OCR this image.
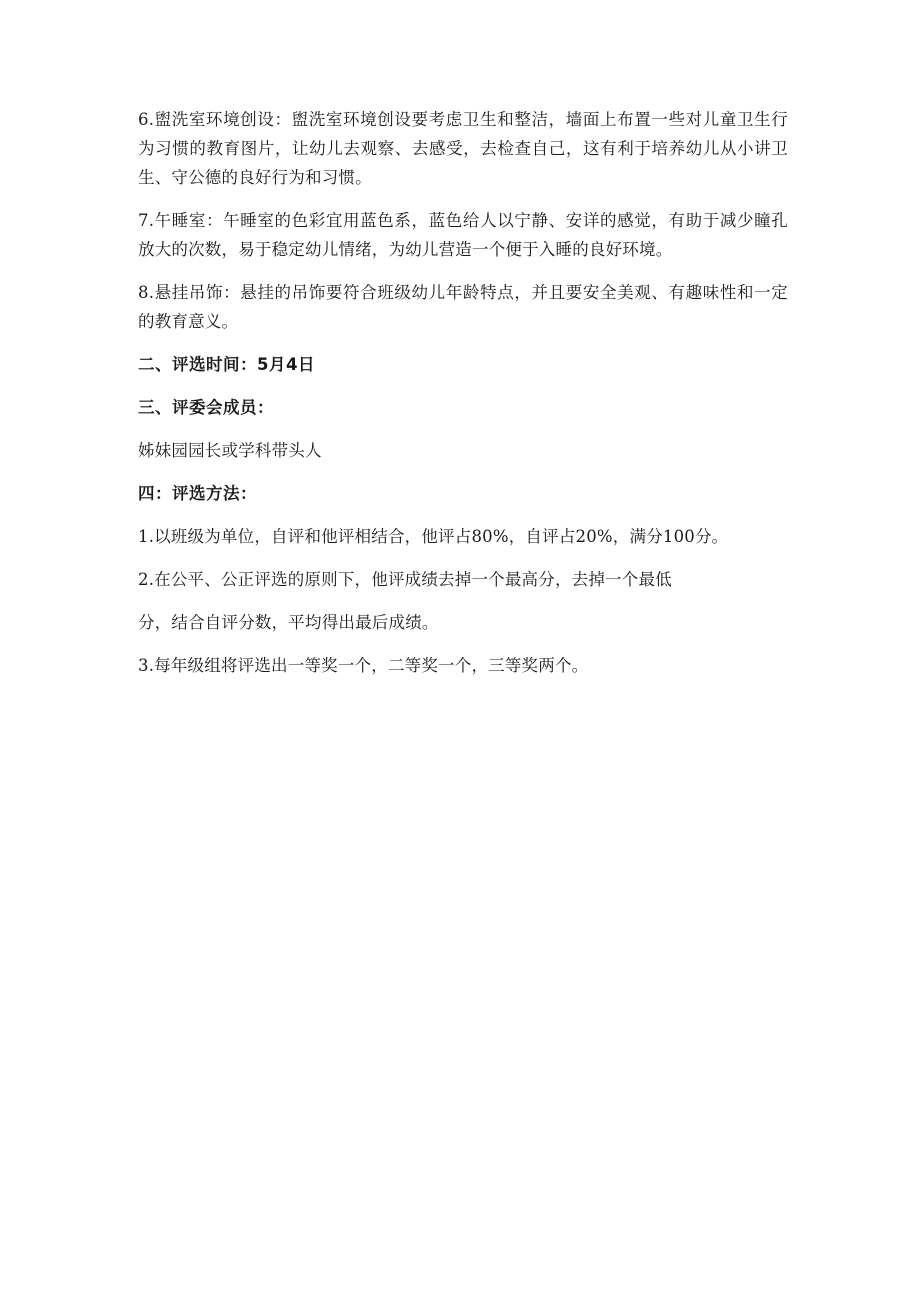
6.盥洗室环境创设：盥洗室环境创设要考虑卫生和整洁，墙面上布置一些对儿童卫生行为习惯的教育图片，让幼儿去观察、去感受，去检查自己，这有利于培养幼儿从小讲卫生、守公德的良好行为和习惯。

7.午睡室：午睡室的色彩宜用蓝色系，蓝色给人以宁静、安详的感觉，有助于减少瞳孔放大的次数，易于稳定幼儿情绪，为幼儿营造一个便于入睡的良好环境。

8.悬挂吊饰：悬挂的吊饰要符合班级幼儿年龄特点，并且要安全美观、有趣味性和一定的教育意义。

二、评选时间：5月4日

三、评委会成员：

姊妹园园长或学科带头人

四：评选方法：

1.以班级为单位，自评和他评相结合，他评占80%，自评占20%，满分100分。

2.在公平、公正评选的原则下，他评成绩去掉一个最高分，去掉一个最低

分，结合自评分数，平均得出最后成绩。

3.每年级组将评选出一等奖一个，二等奖一个，三等奖两个。
